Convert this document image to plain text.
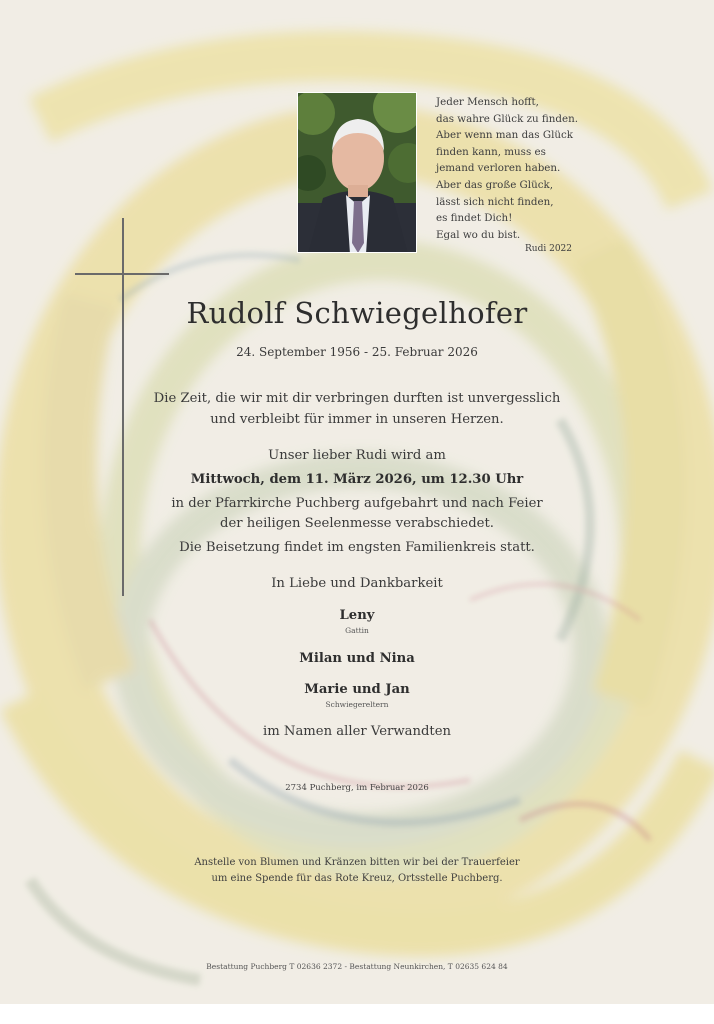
Jeder Mensch hofft,
das wahre Glück zu finden.
Aber wenn man das Glück
finden kann, muss es
jemand verloren haben.
Aber das große Glück,
lässt sich nicht finden,
es findet Dich!
Egal wo du bist.
Rudi 2022
Rudolf Schwiegelhofer
24. September 1956 - 25. Februar 2026
Die Zeit, die wir mit dir verbringen durften ist unvergesslich
und verbleibt für immer in unseren Herzen.
Unser lieber Rudi wird am
Mittwoch, dem 11. März 2026, um 12.30 Uhr
in der Pfarrkirche Puchberg aufgebahrt und nach Feier
der heiligen Seelenmesse verabschiedet.
Die Beisetzung findet im engsten Familienkreis statt.
In Liebe und Dankbarkeit
Leny
Gattin
Milan und Nina
Marie und Jan
Schwiegereltern
im Namen aller Verwandten
2734 Puchberg, im Februar 2026
Anstelle von Blumen und Kränzen bitten wir bei der Trauerfeier
um eine Spende für das Rote Kreuz, Ortsstelle Puchberg.
Bestattung Puchberg T 02636 2372 - Bestattung Neunkirchen, T 02635 624 84
